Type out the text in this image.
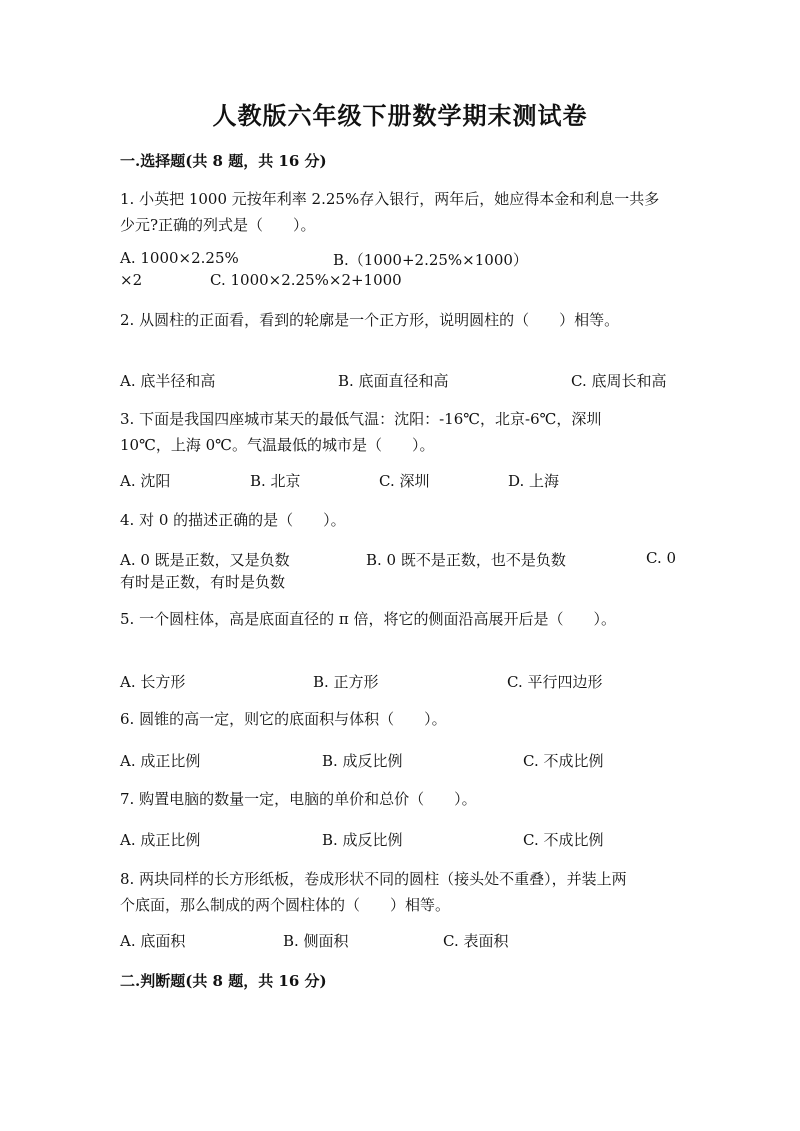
人教版六年级下册数学期末测试卷
一.选择题(共 8 题，共 16 分)
1. 小英把 1000 元按年利率 2.25%存入银行，两年后，她应得本金和利息一共多
少元?正确的列式是（　　）。
A. 1000×2.25%	B.（1000+2.25%×1000）
×2	C. 1000×2.25%×2+1000
2. 从圆柱的正面看，看到的轮廓是一个正方形，说明圆柱的（　　）相等。
A. 底半径和高	B. 底面直径和高	C. 底周长和高
3. 下面是我国四座城市某天的最低气温：沈阳：-16℃，北京-6℃，深圳
10℃，上海 0℃。气温最低的城市是（　　）。
A. 沈阳	B. 北京	C. 深圳	D. 上海
4. 对 0 的描述正确的是（　　）。
A. 0 既是正数，又是负数	B. 0 既不是正数，也不是负数	C. 0
有时是正数，有时是负数
5. 一个圆柱体，高是底面直径的 π 倍，将它的侧面沿高展开后是（　　）。
A. 长方形	B. 正方形	C. 平行四边形
6. 圆锥的高一定，则它的底面积与体积（　　）。
A. 成正比例	B. 成反比例	C. 不成比例
7. 购置电脑的数量一定，电脑的单价和总价（　　）。
A. 成正比例	B. 成反比例	C. 不成比例
8. 两块同样的长方形纸板，卷成形状不同的圆柱（接头处不重叠），并装上两
个底面，那么制成的两个圆柱体的（　　）相等。
A. 底面积	B. 侧面积	C. 表面积
二.判断题(共 8 题，共 16 分)
